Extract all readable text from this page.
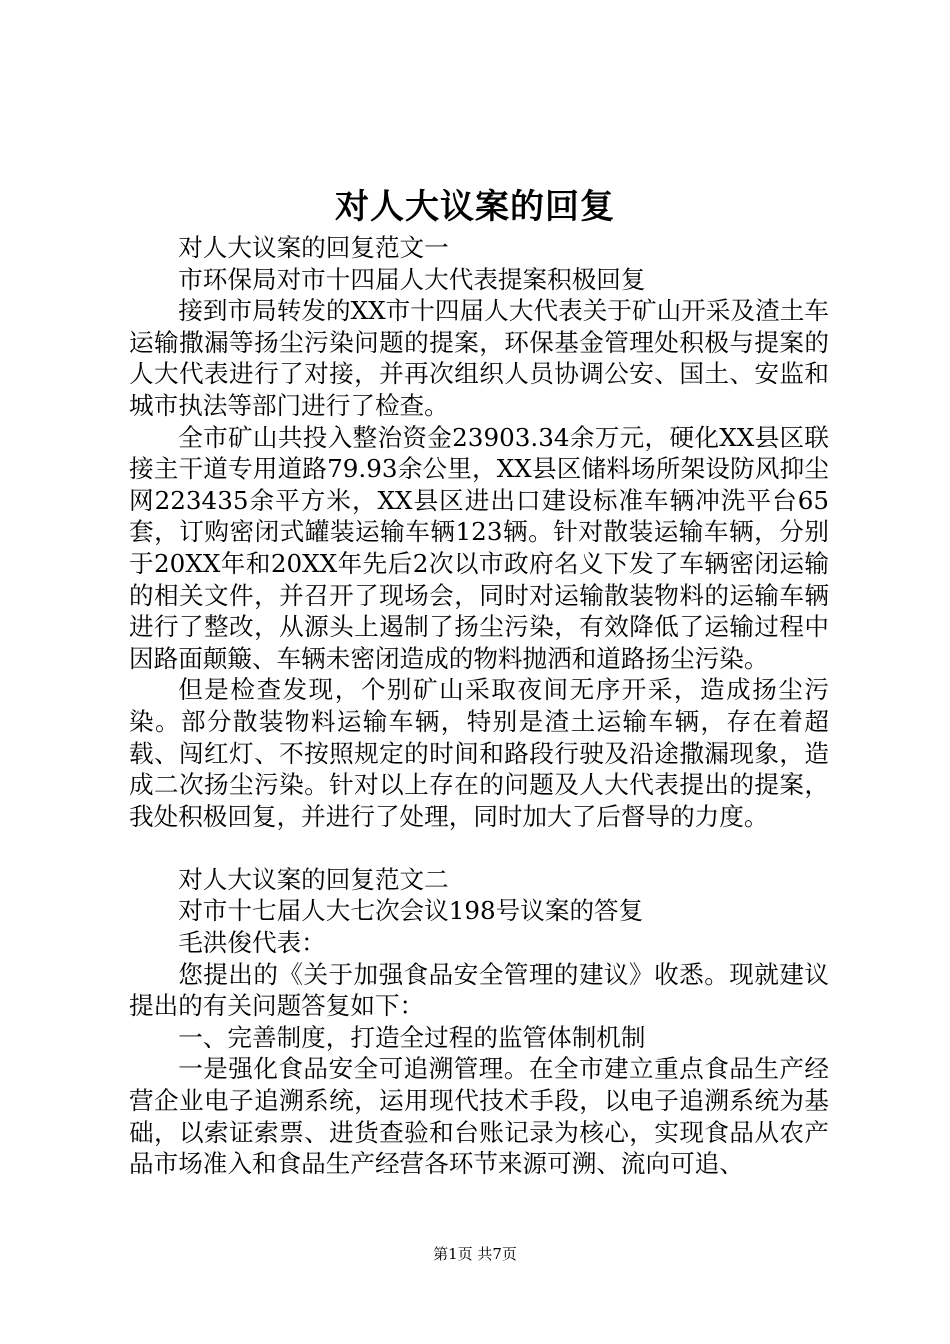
对人大议案的回复

对人大议案的回复范文一

市环保局对市十四届人大代表提案积极回复

接到市局转发的XX市十四届人大代表关于矿山开采及渣土车运输撒漏等扬尘污染问题的提案，环保基金管理处积极与提案的人大代表进行了对接，并再次组织人员协调公安、国土、安监和城市执法等部门进行了检查。

全市矿山共投入整治资金23903.34余万元，硬化XX县区联接主干道专用道路79.93余公里，XX县区储料场所架设防风抑尘网223435余平方米，XX县区进出口建设标准车辆冲洗平台65套，订购密闭式罐装运输车辆123辆。针对散装运输车辆，分别于20XX年和20XX年先后2次以市政府名义下发了车辆密闭运输的相关文件，并召开了现场会，同时对运输散装物料的运输车辆进行了整改，从源头上遏制了扬尘污染，有效降低了运输过程中因路面颠簸、车辆未密闭造成的物料抛洒和道路扬尘污染。

但是检查发现，个别矿山采取夜间无序开采，造成扬尘污染。部分散装物料运输车辆，特别是渣土运输车辆，存在着超载、闯红灯、不按照规定的时间和路段行驶及沿途撒漏现象，造成二次扬尘污染。针对以上存在的问题及人大代表提出的提案，我处积极回复，并进行了处理，同时加大了后督导的力度。

对人大议案的回复范文二

对市十七届人大七次会议198号议案的答复

毛洪俊代表：

您提出的《关于加强食品安全管理的建议》收悉。现就建议提出的有关问题答复如下：

一、完善制度，打造全过程的监管体制机制

一是强化食品安全可追溯管理。在全市建立重点食品生产经营企业电子追溯系统，运用现代技术手段，以电子追溯系统为基础，以索证索票、进货查验和台账记录为核心，实现食品从农产品市场准入和食品生产经营各环节来源可溯、流向可追、

第1页 共7页
